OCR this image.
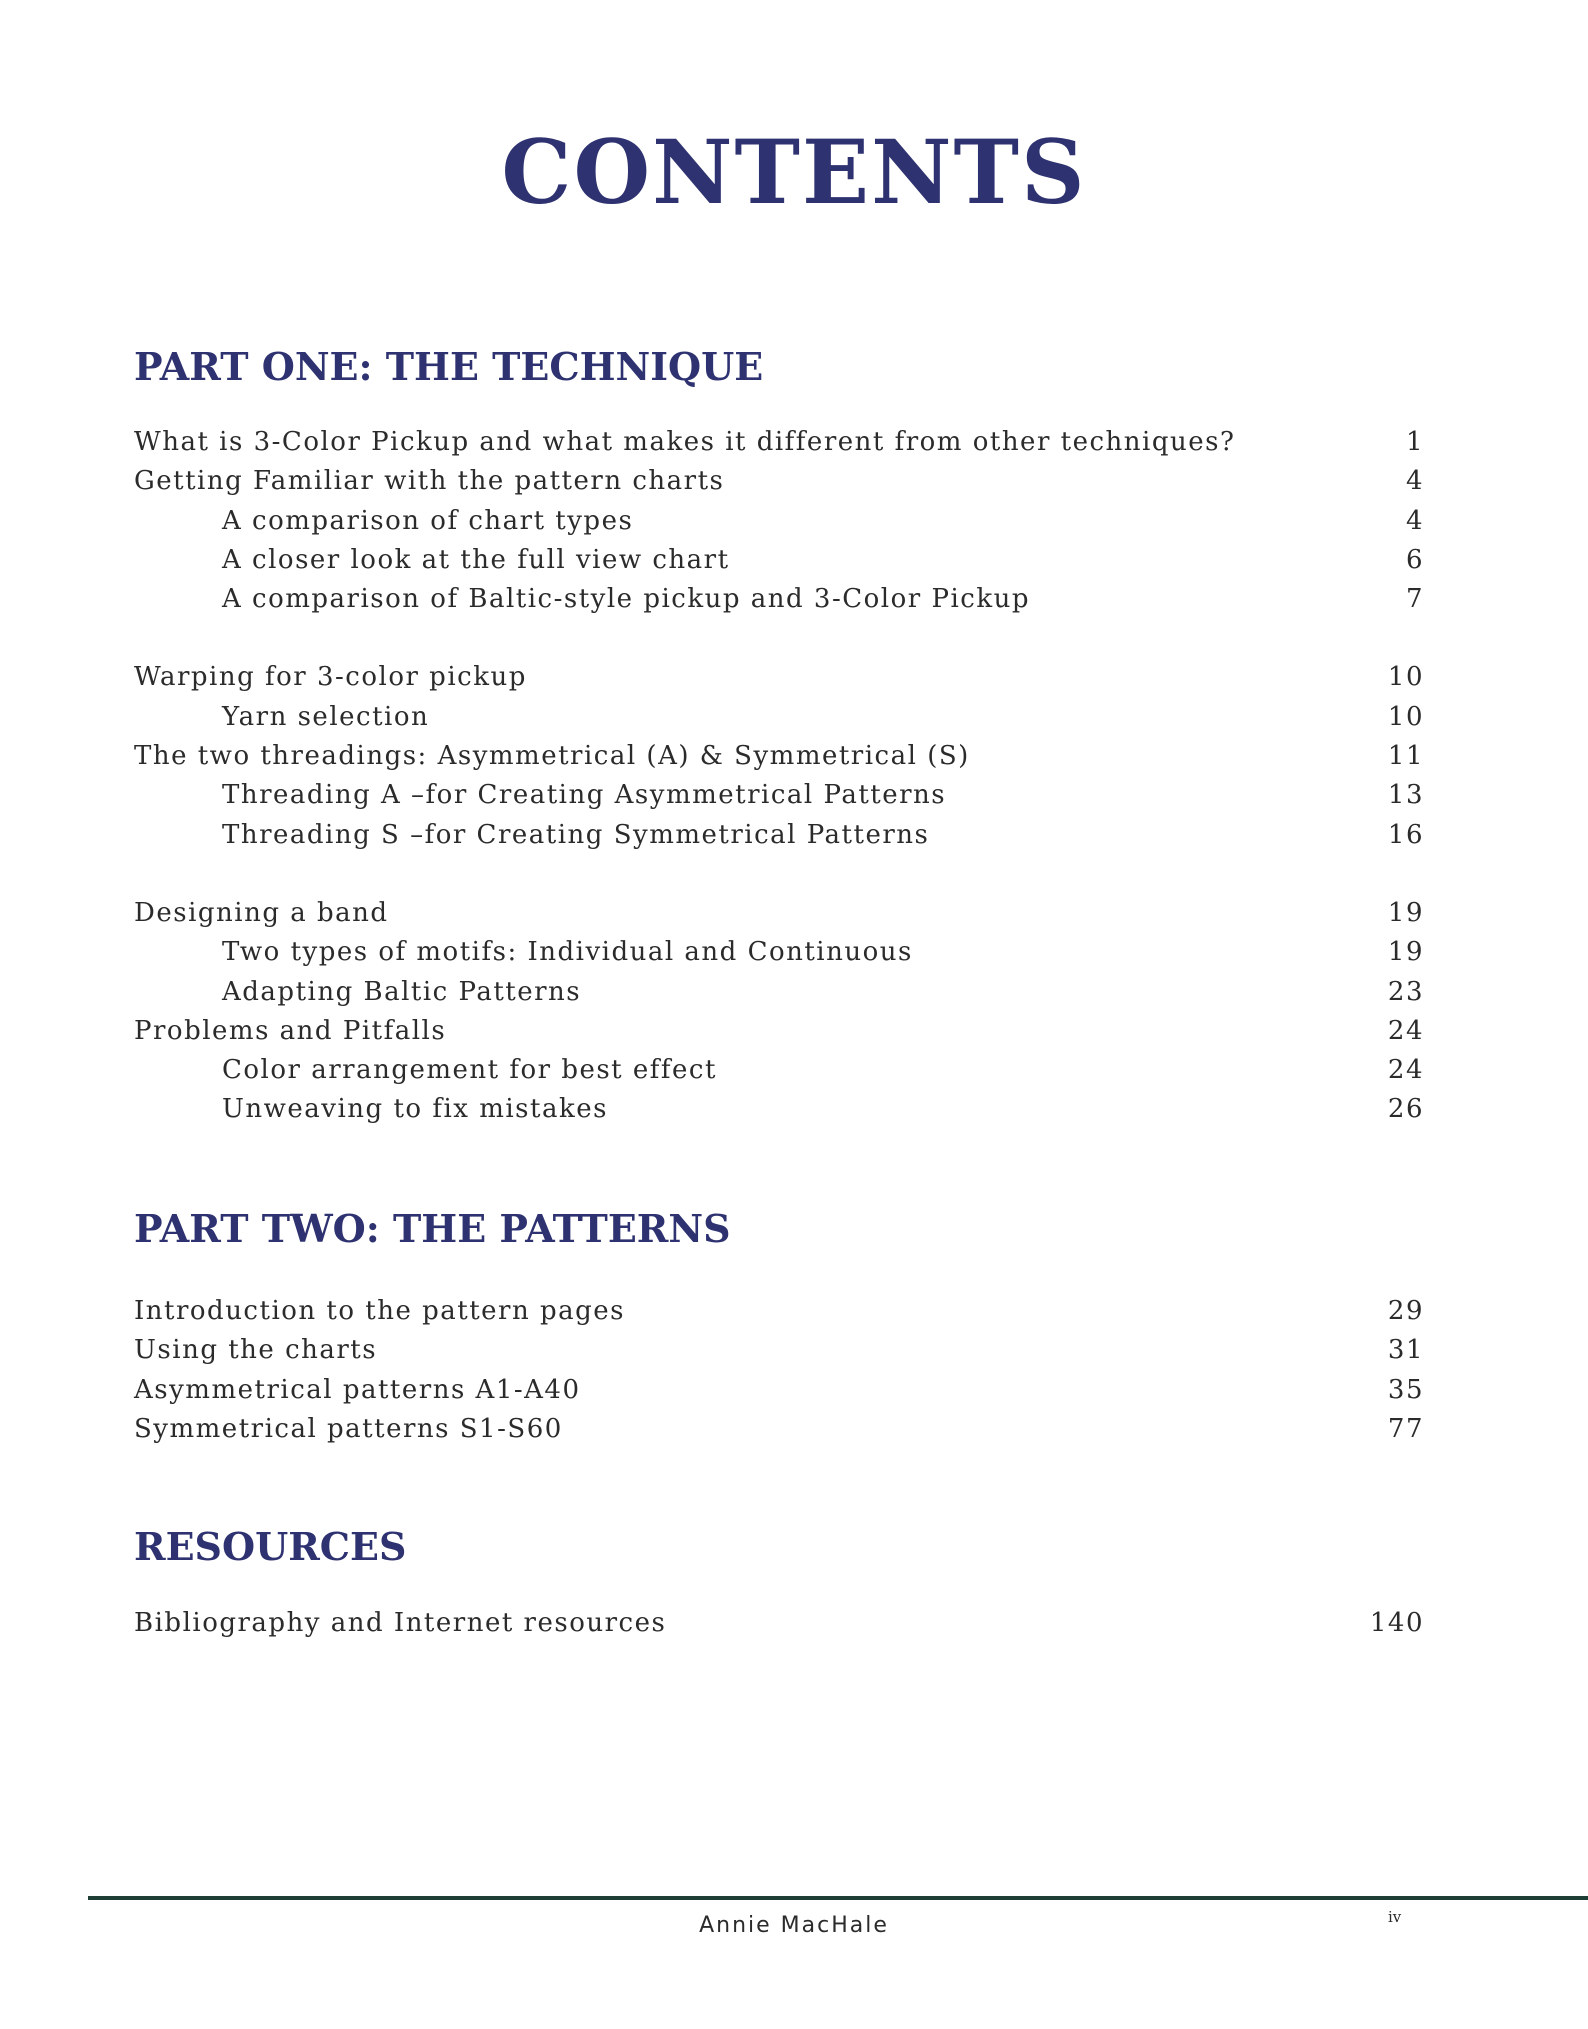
CONTENTS
PART ONE: THE TECHNIQUE
What is 3-Color Pickup and what makes it different from other techniques?	1
Getting Familiar with the pattern charts	4
A comparison of chart types	4
A closer look at the full view chart	6
A comparison of Baltic-style pickup and 3-Color Pickup	7
Warping for 3-color pickup	10
Yarn selection	10
The two threadings: Asymmetrical (A) & Symmetrical (S)	11
Threading A –for Creating Asymmetrical Patterns	13
Threading S –for Creating Symmetrical Patterns	16
Designing a band	19
Two types of motifs: Individual and Continuous	19
Adapting Baltic Patterns	23
Problems and Pitfalls	24
Color arrangement for best effect	24
Unweaving to fix mistakes	26
PART TWO: THE PATTERNS
Introduction to the pattern pages	29
Using the charts	31
Asymmetrical patterns A1-A40	35
Symmetrical patterns S1-S60	77
RESOURCES
Bibliography and Internet resources	140
Annie MacHale	iv
